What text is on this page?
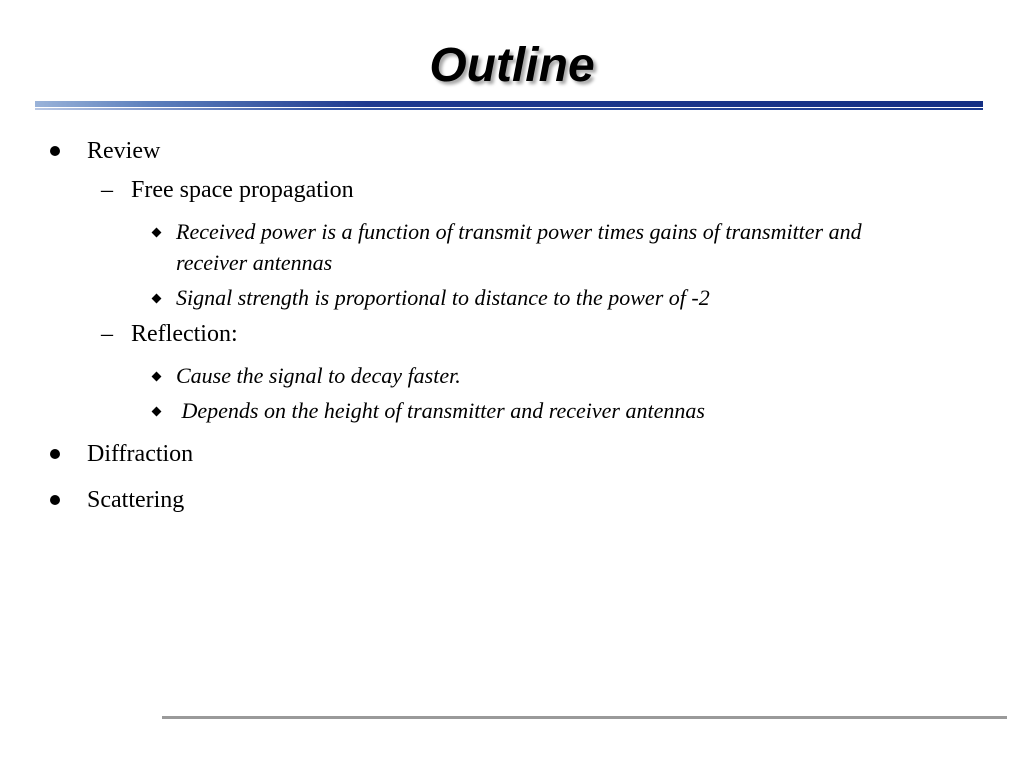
Outline
Review
– Free space propagation
Received power is a function of transmit power times gains of transmitter and receiver antennas
Signal strength is proportional to distance to the power of -2
– Reflection:
Cause the signal to decay faster.
Depends on the height of transmitter and receiver antennas
Diffraction
Scattering
